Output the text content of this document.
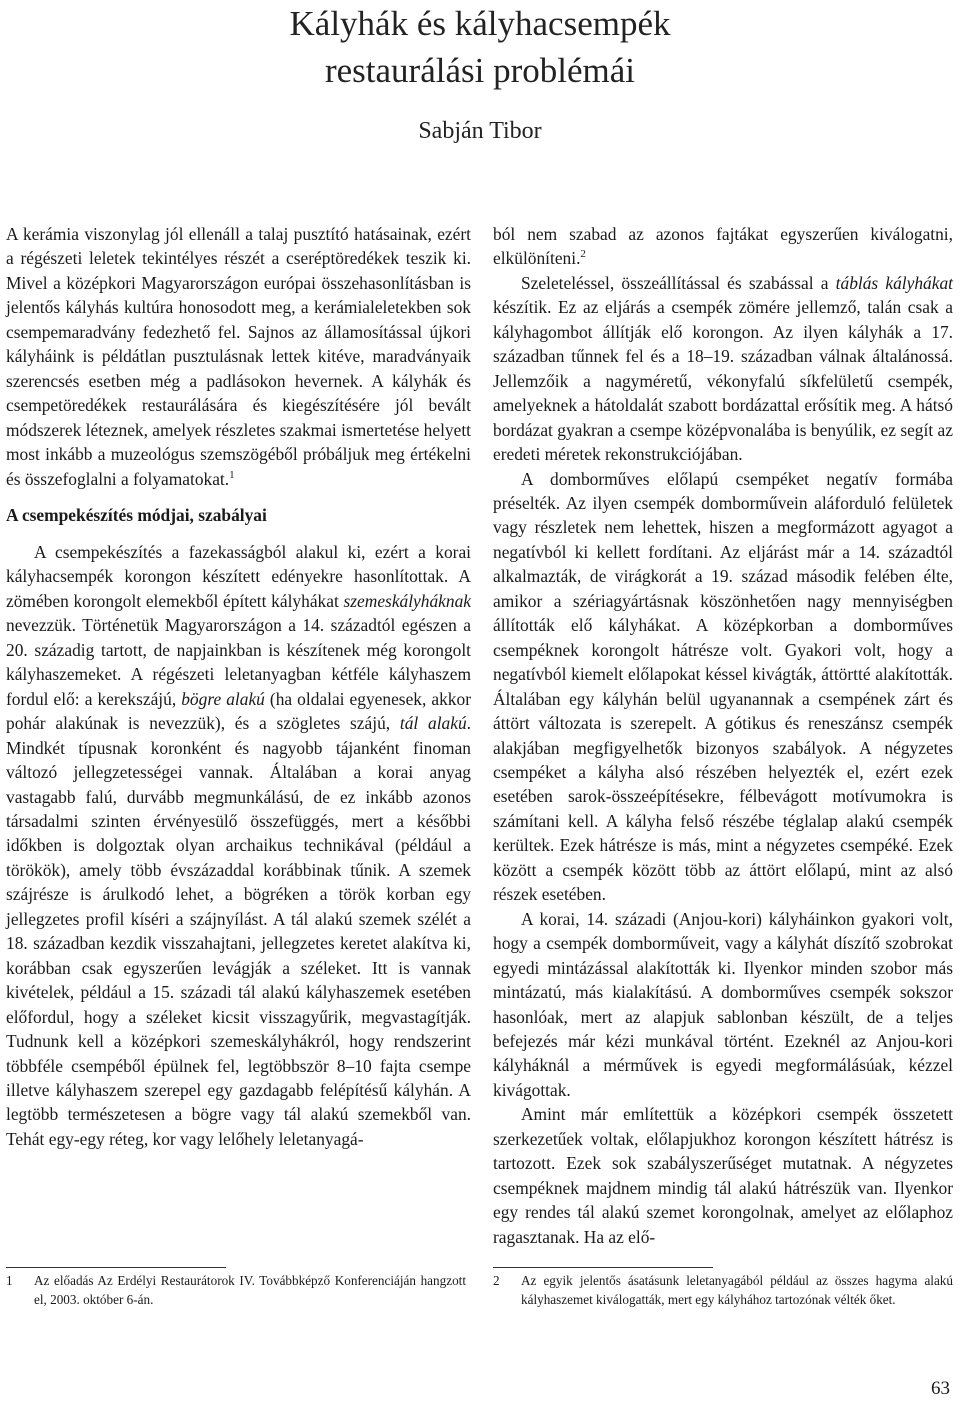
Kályhák és kályhacsempék
restaurálási problémái
Sabján Tibor

A kerámia viszonylag jól ellenáll a talaj pusztító hatásainak, ezért a régészeti leletek tekintélyes részét a cseréptöredékek teszik ki. Mivel a középkori Magyarországon európai összehasonlításban is jelentős kályhás kultúra honosodott meg, a kerámialeletekben sok csempemaradvány fedezhető fel. Sajnos az államosítással újkori kályháink is példátlan pusztulásnak lettek kitéve, maradványaik szerencsés esetben még a padlásokon hevernek. A kályhák és csempetöredékek restaurálására és kiegészítésére jól bevált módszerek léteznek, amelyek részletes szakmai ismertetése helyett most inkább a muzeológus szemszögéből próbáljuk meg értékelni és összefoglalni a folyamatokat.$^1$

A csempekészítés módjai, szabályai

A csempekészítés a fazekasságból alakul ki, ezért a korai kályhacsempék korongon készített edényekre hasonlítottak. A zömében korongolt elemekből épített kályhákat szemeskályháknak nevezzük. Történetük Magyarországon a 14. századtól egészen a 20. századig tartott, de napjainkban is készítenek még korongolt kályhaszemeket. A régészeti leletanyagban kétféle kályhaszem fordul elő: a kerekszájú, bögre alakú (ha oldalai egyenesek, akkor pohár alakúnak is nevezzük), és a szögletes szájú, tál alakú. Mindkét típusnak koronként és nagyobb tájanként finoman változó jellegzetességei vannak. Általában a korai anyag vastagabb falú, durvább megmunkálású, de ez inkább azonos társadalmi szinten érvényesülő összefüggés, mert a későbbi időkben is dolgoztak olyan archaikus technikával (például a törökök), amely több évszázaddal korábbinak tűnik. A szemek szájrésze is árulkodó lehet, a bögréken a török korban egy jellegzetes profil kíséri a szájnyílást. A tál alakú szemek szélét a 18. században kezdik visszahajtani, jellegzetes keretet alakítva ki, korábban csak egyszerűen levágják a széleket. Itt is vannak kivételek, például a 15. századi tál alakú kályhaszemek esetében előfordul, hogy a széleket kicsit visszagyűrik, megvastagítják. Tudnunk kell a középkori szemeskályhákról, hogy rendszerint többféle csempéből épülnek fel, legtöbbször 8–10 fajta csempe illetve kályhaszem szerepel egy gazdagabb felépítésű kályhán. A legtöbb természetesen a bögre vagy tál alakú szemekből van. Tehát egy-egy réteg, kor vagy lelőhely leletanyagá-

ból nem szabad az azonos fajtákat egyszerűen kiválogatni, elkülöníteni.$^2$

Szeleteléssel, összeállítással és szabással a táblás kályhákat készítik. Ez az eljárás a csempék zömére jellemző, talán csak a kályhagombot állítják elő korongon. Az ilyen kályhák a 17. században tűnnek fel és a 18–19. században válnak általánossá. Jellemzőik a nagyméretű, vékonyfalú síkfelületű csempék, amelyeknek a hátoldalát szabott bordázattal erősítik meg. A hátsó bordázat gyakran a csempe középvonalába is benyúlik, ez segít az eredeti méretek rekonstrukciójában.

A domborműves előlapú csempéket negatív formába préselték. Az ilyen csempék domborművein aláforduló felületek vagy részletek nem lehettek, hiszen a megformázott agyagot a negatívból ki kellett fordítani. Az eljárást már a 14. századtól alkalmazták, de virágkorát a 19. század második felében élte, amikor a szériagyártásnak köszönhetően nagy mennyiségben állították elő kályhákat. A középkorban a domborműves csempéknek korongolt hátrésze volt. Gyakori volt, hogy a negatívból kiemelt előlapokat késsel kivágták, áttörtté alakították. Általában egy kályhán belül ugyanannak a csempének zárt és áttört változata is szerepelt. A gótikus és reneszánsz csempék alakjában megfigyelhetők bizonyos szabályok. A négyzetes csempéket a kályha alsó részében helyezték el, ezért ezek esetében sarok-összeépítésekre, félbevágott motívumokra is számítani kell. A kályha felső részébe téglalap alakú csempék kerültek. Ezek hátrésze is más, mint a négyzetes csempéké. Ezek között a csempék között több az áttört előlapú, mint az alsó részek esetében.

A korai, 14. századi (Anjou-kori) kályháinkon gyakori volt, hogy a csempék domborműveit, vagy a kályhát díszítő szobrokat egyedi mintázással alakították ki. Ilyenkor minden szobor más mintázatú, más kialakítású. A domborműves csempék sokszor hasonlóak, mert az alapjuk sablonban készült, de a teljes befejezés már kézi munkával történt. Ezeknél az Anjou-kori kályháknál a mérművek is egyedi megformálásúak, kézzel kivágottak.

Amint már említettük a középkori csempék összetett szerkezetűek voltak, előlapjukhoz korongon készített hátrész is tartozott. Ezek sok szabályszerűséget mutatnak. A négyzetes csempéknek majdnem mindig tál alakú hátrészük van. Ilyenkor egy rendes tál alakú szemet korongolnak, amelyet az előlaphoz ragasztanak. Ha az elő-

1	Az előadás Az Erdélyi Restaurátorok IV. Továbbképző Konferenciáján hangzott el, 2003. október 6-án.
2	Az egyik jelentős ásatásunk leletanyagából például az összes hagyma alakú kályhaszemet kiválogatták, mert egy kályhához tartozónak vélték őket.
63
